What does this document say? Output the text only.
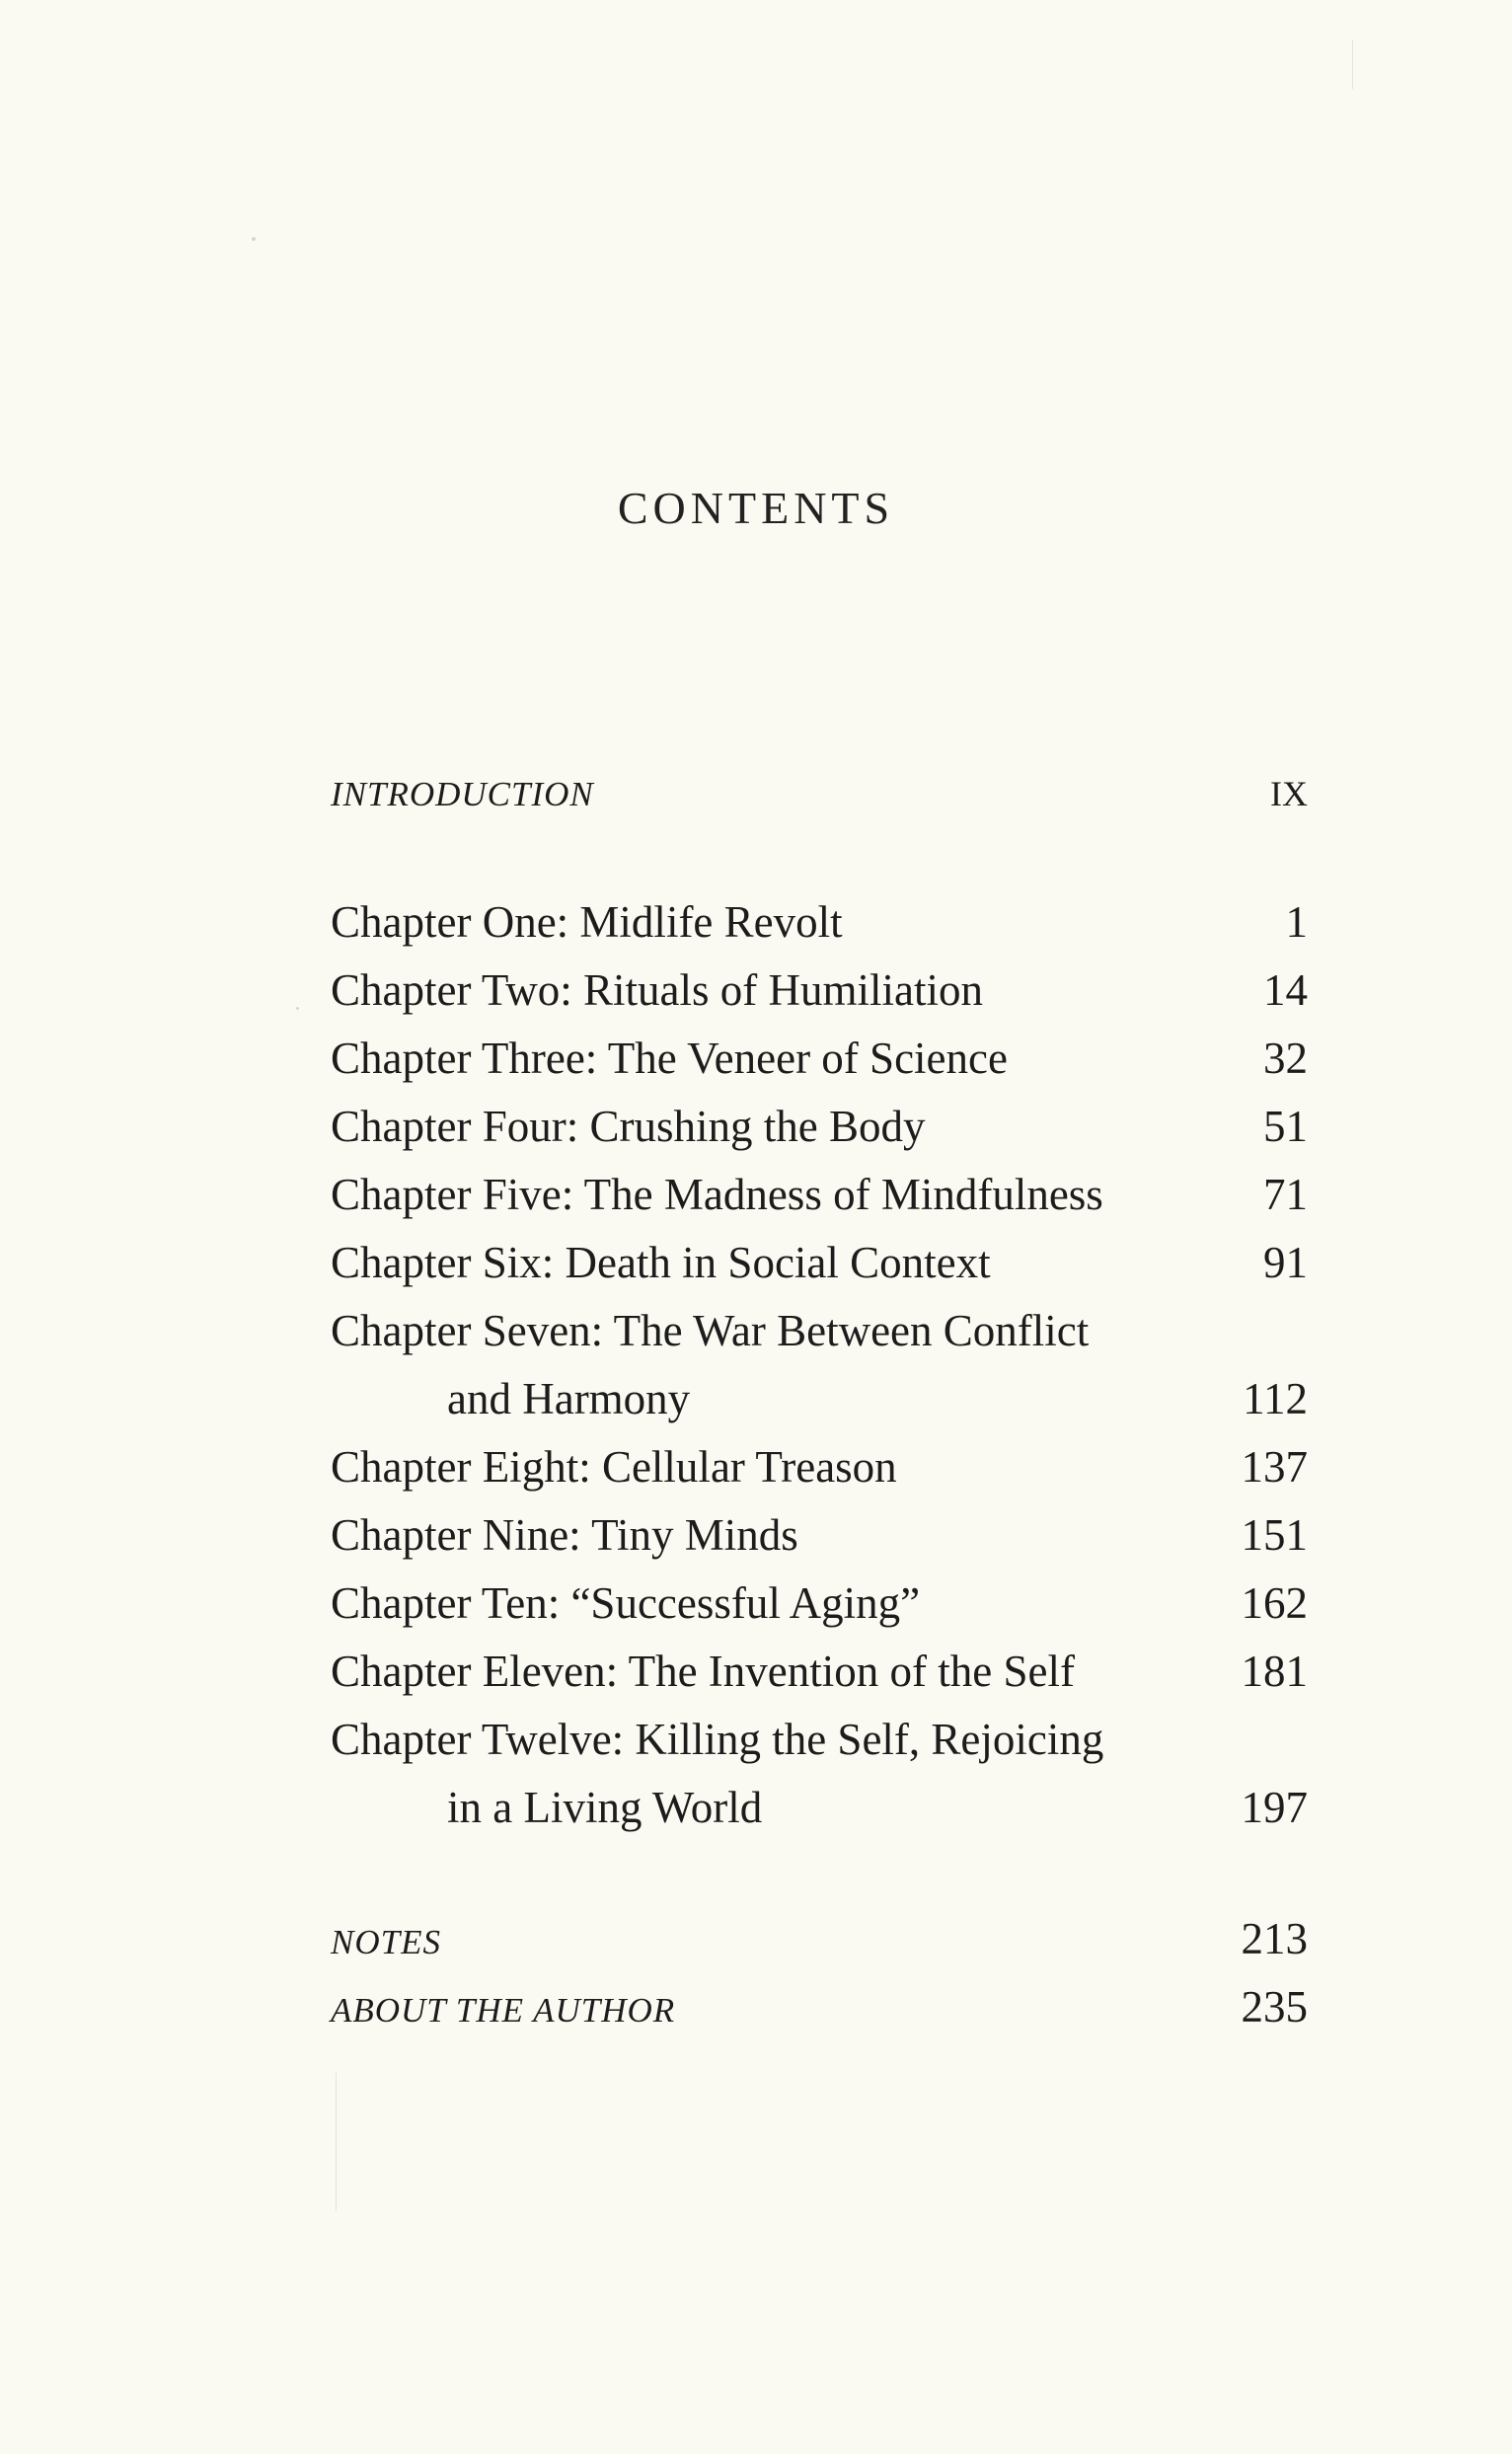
CONTENTS
INTRODUCTION	IX
Chapter One: Midlife Revolt	1
Chapter Two: Rituals of Humiliation	14
Chapter Three: The Veneer of Science	32
Chapter Four: Crushing the Body	51
Chapter Five: The Madness of Mindfulness	71
Chapter Six: Death in Social Context	91
Chapter Seven: The War Between Conflict
and Harmony	112
Chapter Eight: Cellular Treason	137
Chapter Nine: Tiny Minds	151
Chapter Ten: “Successful Aging”	162
Chapter Eleven: The Invention of the Self	181
Chapter Twelve: Killing the Self, Rejoicing
in a Living World	197
NOTES	213
ABOUT THE AUTHOR	235
